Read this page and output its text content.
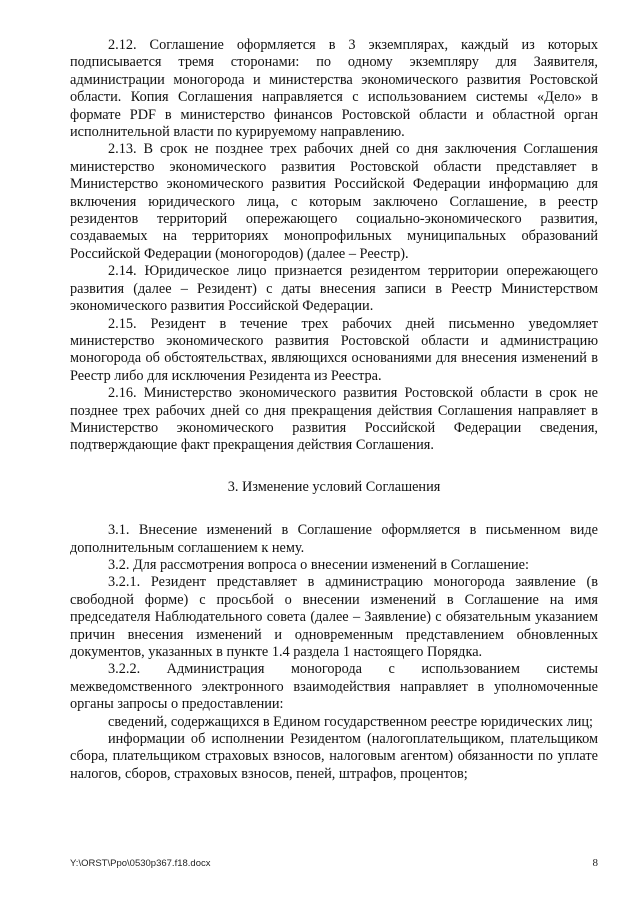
2.12. Соглашение оформляется в 3 экземплярах, каждый из которых подписывается тремя сторонами: по одному экземпляру для Заявителя, администрации моногорода и министерства экономического развития Ростовской области. Копия Соглашения направляется с использованием системы «Дело» в формате PDF в министерство финансов Ростовской области и областной орган исполнительной власти по курируемому направлению.

2.13. В срок не позднее трех рабочих дней со дня заключения Соглашения министерство экономического развития Ростовской области представляет в Министерство экономического развития Российской Федерации информацию для включения юридического лица, с которым заключено Соглашение, в реестр резидентов территорий опережающего социально-экономического развития, создаваемых на территориях монопрофильных муниципальных образований Российской Федерации (моногородов) (далее – Реестр).

2.14. Юридическое лицо признается резидентом территории опережающего развития (далее – Резидент) с даты внесения записи в Реестр Министерством экономического развития Российской Федерации.

2.15. Резидент в течение трех рабочих дней письменно уведомляет министерство экономического развития Ростовской области и администрацию моногорода об обстоятельствах, являющихся основаниями для внесения изменений в Реестр либо для исключения Резидента из Реестра.

2.16. Министерство экономического развития Ростовской области в срок не позднее трех рабочих дней со дня прекращения действия Соглашения направляет в Министерство экономического развития Российской Федерации сведения, подтверждающие факт прекращения действия Соглашения.

3. Изменение условий Соглашения

3.1. Внесение изменений в Соглашение оформляется в письменном виде дополнительным соглашением к нему.

3.2. Для рассмотрения вопроса о внесении изменений в Соглашение:

3.2.1. Резидент представляет в администрацию моногорода заявление (в свободной форме) с просьбой о внесении изменений в Соглашение на имя председателя Наблюдательного совета (далее – Заявление) с обязательным указанием причин внесения изменений и одновременным представлением обновленных документов, указанных в пункте 1.4 раздела 1 настоящего Порядка.

3.2.2. Администрация моногорода с использованием системы межведомственного электронного взаимодействия направляет в уполномоченные органы запросы о предоставлении:

сведений, содержащихся в Едином государственном реестре юридических лиц;

информации об исполнении Резидентом (налогоплательщиком, плательщиком сбора, плательщиком страховых взносов, налоговым агентом) обязанности по уплате налогов, сборов, страховых взносов, пеней, штрафов, процентов;

Y:\ORST\Ppo\0530p367.f18.docx	8
